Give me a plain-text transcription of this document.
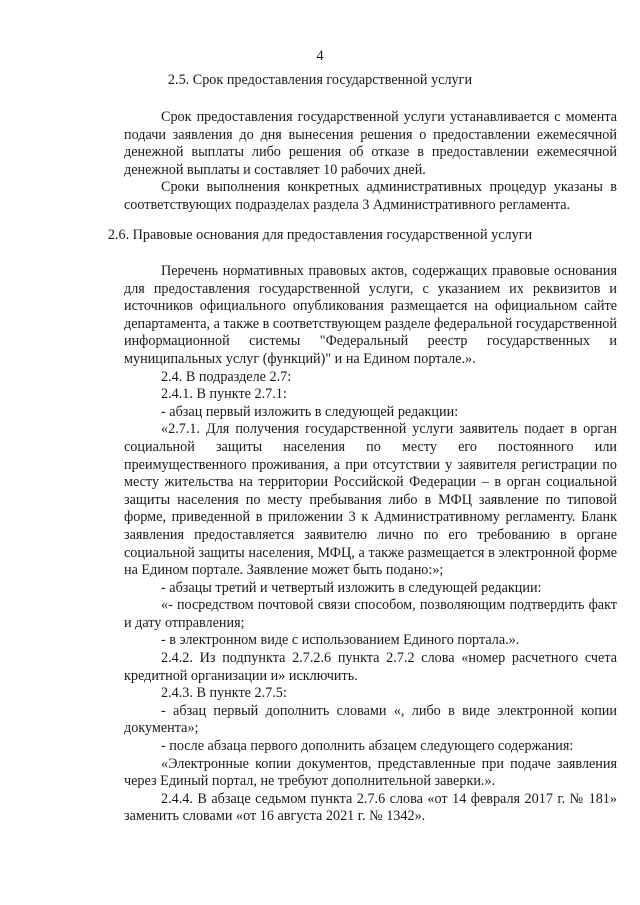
4
2.5. Срок предоставления государственной услуги

Срок предоставления государственной услуги устанавливается с момента подачи заявления до дня вынесения решения о предоставлении ежемесячной денежной выплаты либо решения об отказе в предоставлении ежемесячной денежной выплаты и составляет 10 рабочих дней.

Сроки выполнения конкретных административных процедур указаны в соответствующих подразделах раздела 3 Административного регламента.

2.6. Правовые основания для предоставления государственной услуги

Перечень нормативных правовых актов, содержащих правовые основания для предоставления государственной услуги, с указанием их реквизитов и источников официального опубликования размещается на официальном сайте департамента, а также в соответствующем разделе федеральной государственной информационной системы "Федеральный реестр государственных и муниципальных услуг (функций)" и на Едином портале.».

2.4. В подразделе 2.7:

2.4.1. В пункте 2.7.1:

- абзац первый изложить в следующей редакции:

«2.7.1. Для получения государственной услуги заявитель подает в орган социальной защиты населения по месту его постоянного или преимущественного проживания, а при отсутствии у заявителя регистрации по месту жительства на территории Российской Федерации – в орган социальной защиты населения по месту пребывания либо в МФЦ заявление по типовой форме, приведенной в приложении 3 к Административному регламенту. Бланк заявления предоставляется заявителю лично по его требованию в органе социальной защиты населения, МФЦ, а также размещается в электронной форме на Едином портале. Заявление может быть подано:»;

- абзацы третий и четвертый изложить в следующей редакции:

«- посредством почтовой связи способом, позволяющим подтвердить факт и дату отправления;

- в электронном виде с использованием Единого портала.».

2.4.2. Из подпункта 2.7.2.6 пункта 2.7.2 слова «номер расчетного счета кредитной организации и» исключить.

2.4.3. В пункте 2.7.5:

- абзац первый дополнить словами «, либо в виде электронной копии документа»;

- после абзаца первого дополнить абзацем следующего содержания:

«Электронные копии документов, представленные при подаче заявления через Единый портал, не требуют дополнительной заверки.».

2.4.4. В абзаце седьмом пункта 2.7.6 слова «от 14 февраля 2017 г. № 181» заменить словами «от 16 августа 2021 г. № 1342».
